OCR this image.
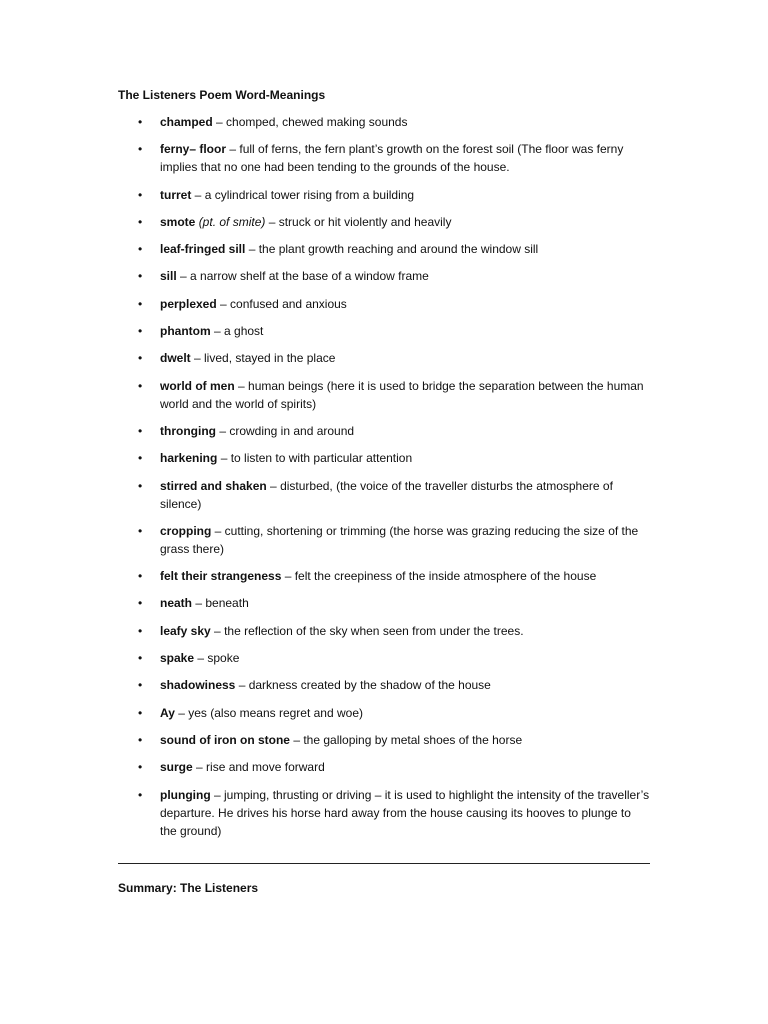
The Listeners Poem Word-Meanings
• champed – chomped, chewed making sounds
• ferny– floor – full of ferns, the fern plant’s growth on the forest soil (The floor was ferny implies that no one had been tending to the grounds of the house.
• turret – a cylindrical tower rising from a building
• smote (pt. of smite) – struck or hit violently and heavily
• leaf-fringed sill – the plant growth reaching and around the window sill
• sill – a narrow shelf at the base of a window frame
• perplexed – confused and anxious
• phantom – a ghost
• dwelt – lived, stayed in the place
• world of men – human beings (here it is used to bridge the separation between the human world and the world of spirits)
• thronging – crowding in and around
• harkening – to listen to with particular attention
• stirred and shaken – disturbed, (the voice of the traveller disturbs the atmosphere of silence)
• cropping – cutting, shortening or trimming (the horse was grazing reducing the size of the grass there)
• felt their strangeness – felt the creepiness of the inside atmosphere of the house
• neath – beneath
• leafy sky – the reflection of the sky when seen from under the trees.
• spake – spoke
• shadowiness – darkness created by the shadow of the house
• Ay – yes (also means regret and woe)
• sound of iron on stone – the galloping by metal shoes of the horse
• surge – rise and move forward
• plunging – jumping, thrusting or driving – it is used to highlight the intensity of the traveller’s departure. He drives his horse hard away from the house causing its hooves to plunge to the ground)
Summary: The Listeners
